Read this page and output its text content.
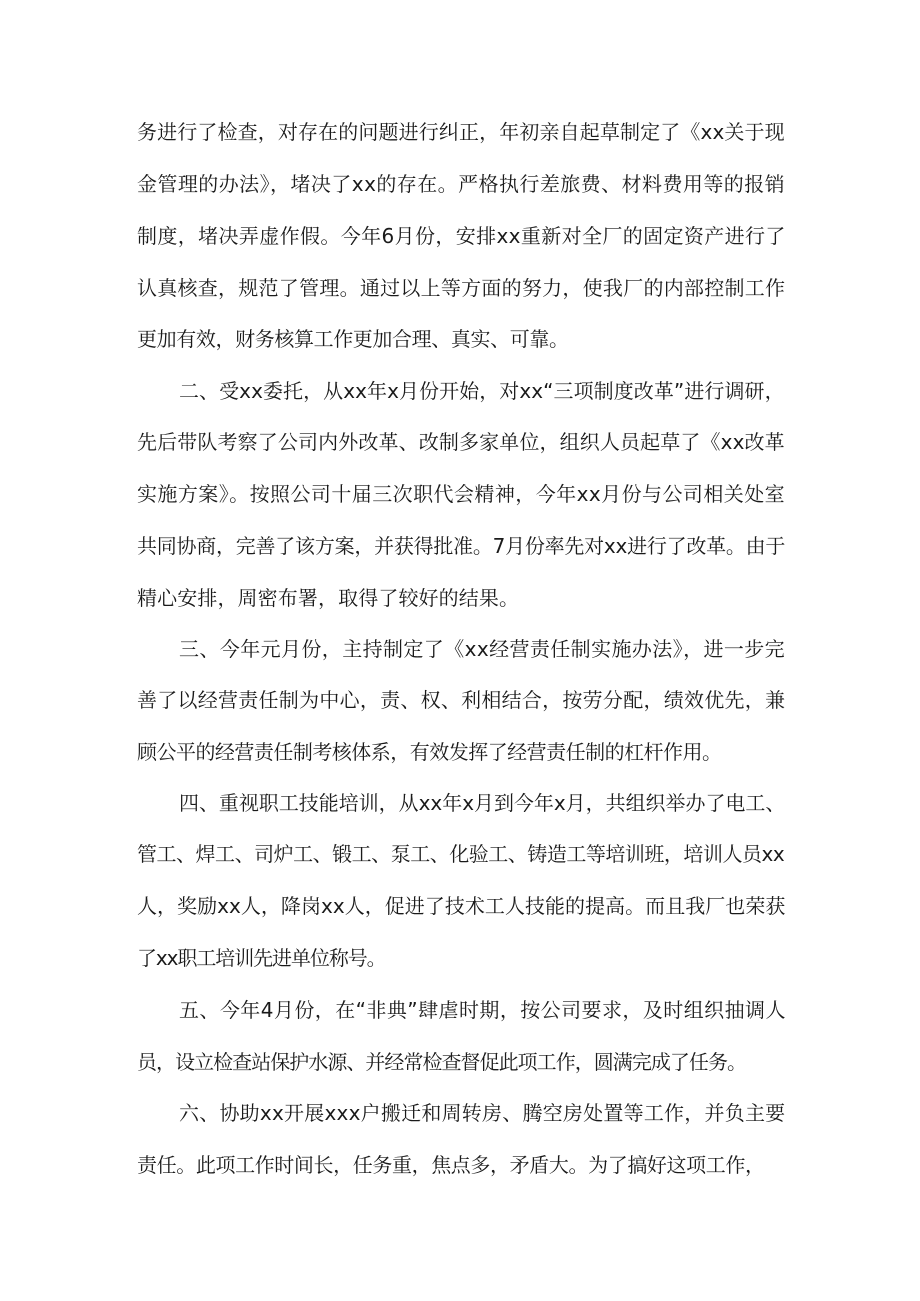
务进行了检查，对存在的问题进行纠正，年初亲自起草制定了《xx关于现
金管理的办法》，堵决了xx的存在。严格执行差旅费、材料费用等的报销
制度，堵决弄虚作假。今年6月份，安排xx重新对全厂的固定资产进行了
认真核查，规范了管理。通过以上等方面的努力，使我厂的内部控制工作
更加有效，财务核算工作更加合理、真实、可靠。
二、受xx委托，从xx年x月份开始，对xx“三项制度改革”进行调研，
先后带队考察了公司内外改革、改制多家单位，组织人员起草了《xx改革
实施方案》。按照公司十届三次职代会精神，今年xx月份与公司相关处室
共同协商，完善了该方案，并获得批准。7月份率先对xx进行了改革。由于
精心安排，周密布署，取得了较好的结果。
三、今年元月份，主持制定了《xx经营责任制实施办法》，进一步完
善了以经营责任制为中心，责、权、利相结合，按劳分配，绩效优先，兼
顾公平的经营责任制考核体系，有效发挥了经营责任制的杠杆作用。
四、重视职工技能培训，从xx年x月到今年x月，共组织举办了电工、
管工、焊工、司炉工、锻工、泵工、化验工、铸造工等培训班，培训人员xx
人，奖励xx人，降岗xx人，促进了技术工人技能的提高。而且我厂也荣获
了xx职工培训先进单位称号。
五、今年4月份，在“非典”肆虐时期，按公司要求，及时组织抽调人
员，设立检查站保护水源、并经常检查督促此项工作，圆满完成了任务。
六、协助xx开展xxx户搬迁和周转房、腾空房处置等工作，并负主要
责任。此项工作时间长，任务重，焦点多，矛盾大。为了搞好这项工作，
